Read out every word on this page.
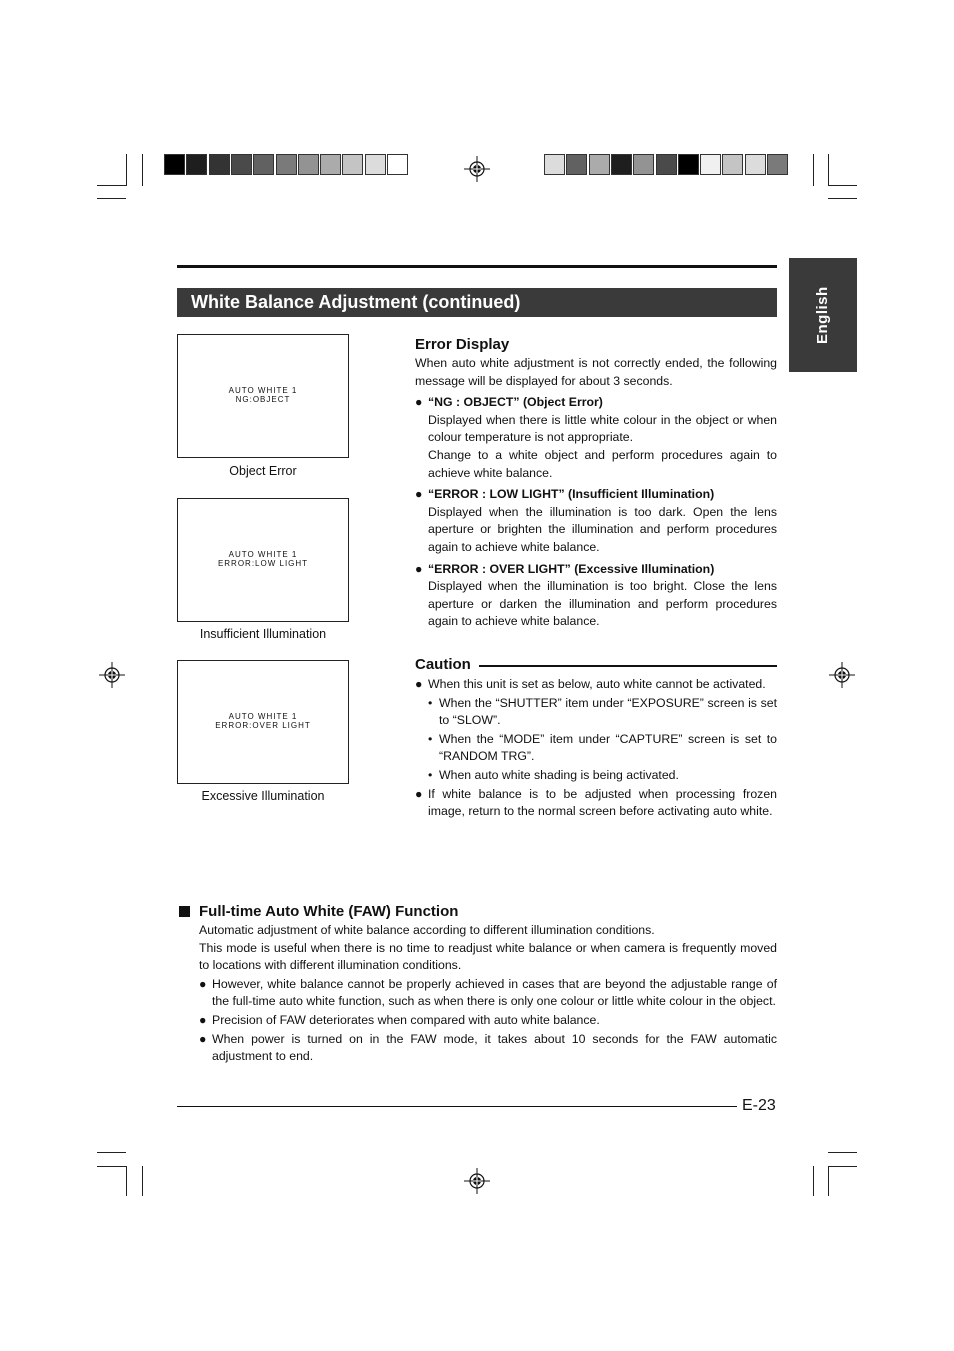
White Balance Adjustment (continued)	English
AUTO WHITE 1
NG:OBJECT
Object Error
AUTO WHITE 1
ERROR:LOW LIGHT
Insufficient Illumination
AUTO WHITE 1
ERROR:OVER LIGHT
Excessive Illumination
Error Display

When auto white adjustment is not correctly ended, the following message will be displayed for about 3 seconds.

● “NG : OBJECT” (Object Error)

Displayed when there is little white colour in the object or when colour temperature is not appropriate.

Change to a white object and perform procedures again to achieve white balance.

● “ERROR : LOW LIGHT” (Insufficient Illumination)

Displayed when the illumination is too dark. Open the lens aperture or brighten the illumination and perform procedures again to achieve white balance.

● “ERROR : OVER LIGHT” (Excessive Illumination)

Displayed when the illumination is too bright. Close the lens aperture or darken the illumination and perform procedures again to achieve white balance.

Caution
● When this unit is set as below, auto white cannot be activated.

• When the “SHUTTER” item under “EXPOSURE” screen is set to “SLOW”.

• When the “MODE” item under “CAPTURE” screen is set to “RANDOM TRG”.

• When auto white shading is being activated.

● If white balance is to be adjusted when processing frozen image, return to the normal screen before activating auto white.

Full-time Auto White (FAW) Function

Automatic adjustment of white balance according to different illumination conditions.

This mode is useful when there is no time to readjust white balance or when camera is frequently moved to locations with different illumination conditions.

● However, white balance cannot be properly achieved in cases that are beyond the adjustable range of the full-time auto white function, such as when there is only one colour or little white colour in the object.

● Precision of FAW deteriorates when compared with auto white balance.

● When power is turned on in the FAW mode, it takes about 10 seconds for the FAW automatic adjustment to end.

E-23
